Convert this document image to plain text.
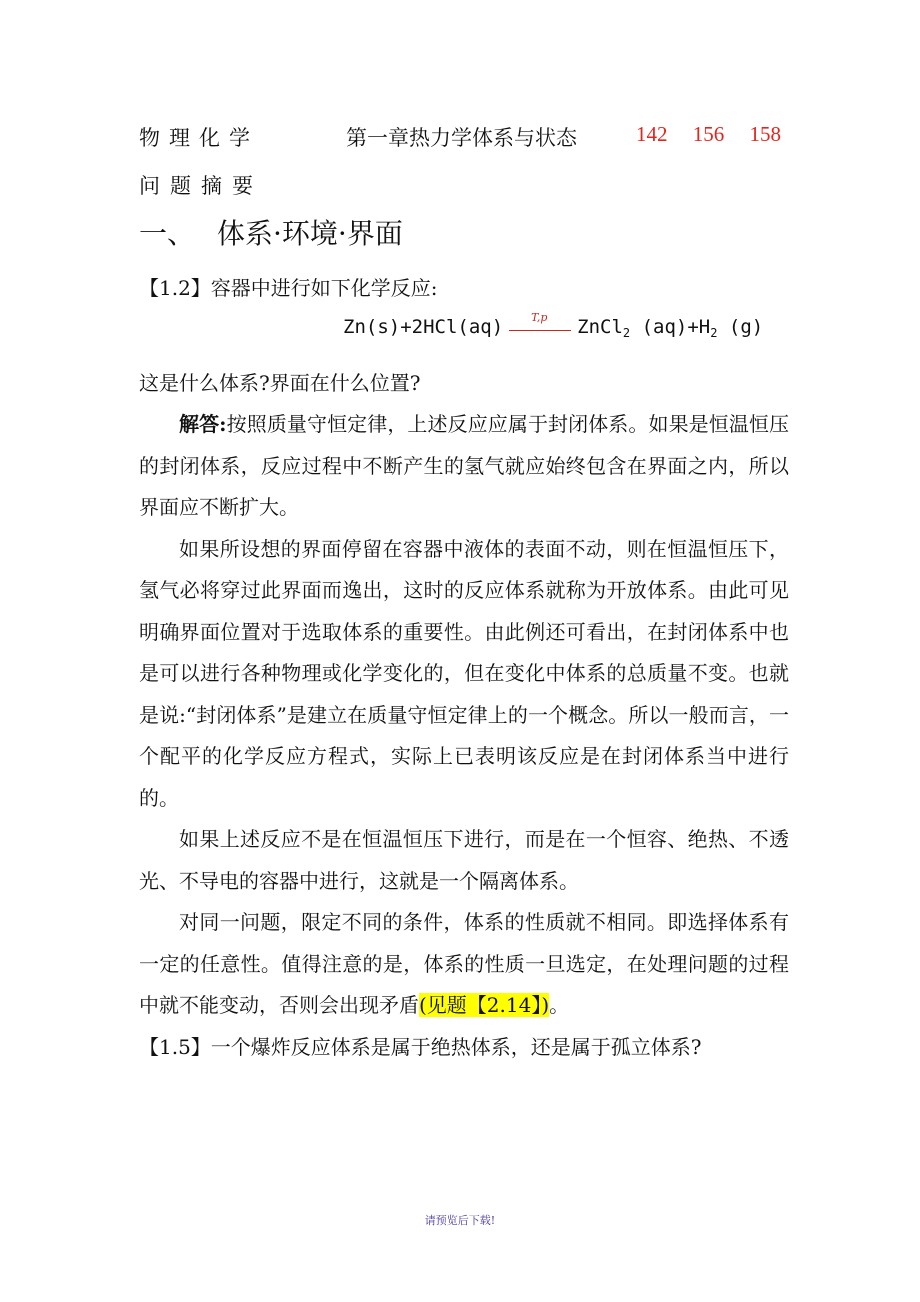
物理化学	第一章热力学体系与状态	142 156 158
问题摘要
一、 体系·环境·界面
【1.2】容器中进行如下化学反应:
Zn(s)+2HCl(aq)	T,p ZnCl$_2$ $(aq)+H_2$ (g)
这是什么体系?界面在什么位置?

解答:按照质量守恒定律，上述反应应属于封闭体系。如果是恒温恒压的封闭体系，反应过程中不断产生的氢气就应始终包含在界面之内，所以界面应不断扩大。

如果所设想的界面停留在容器中液体的表面不动，则在恒温恒压下，氢气必将穿过此界面而逸出，这时的反应体系就称为开放体系。由此可见明确界面位置对于选取体系的重要性。由此例还可看出，在封闭体系中也是可以进行各种物理或化学变化的，但在变化中体系的总质量不变。也就是说:“封闭体系”是建立在质量守恒定律上的一个概念。所以一般而言，一个配平的化学反应方程式，实际上已表明该反应是在封闭体系当中进行的。

如果上述反应不是在恒温恒压下进行，而是在一个恒容、绝热、不透光、不导电的容器中进行，这就是一个隔离体系。

对同一问题，限定不同的条件，体系的性质就不相同。即选择体系有一定的任意性。值得注意的是，体系的性质一旦选定，在处理问题的过程中就不能变动，否则会出现矛盾(见题【2.14】)。

【1.5】一个爆炸反应体系是属于绝热体系，还是属于孤立体系?

请预览后下载!
